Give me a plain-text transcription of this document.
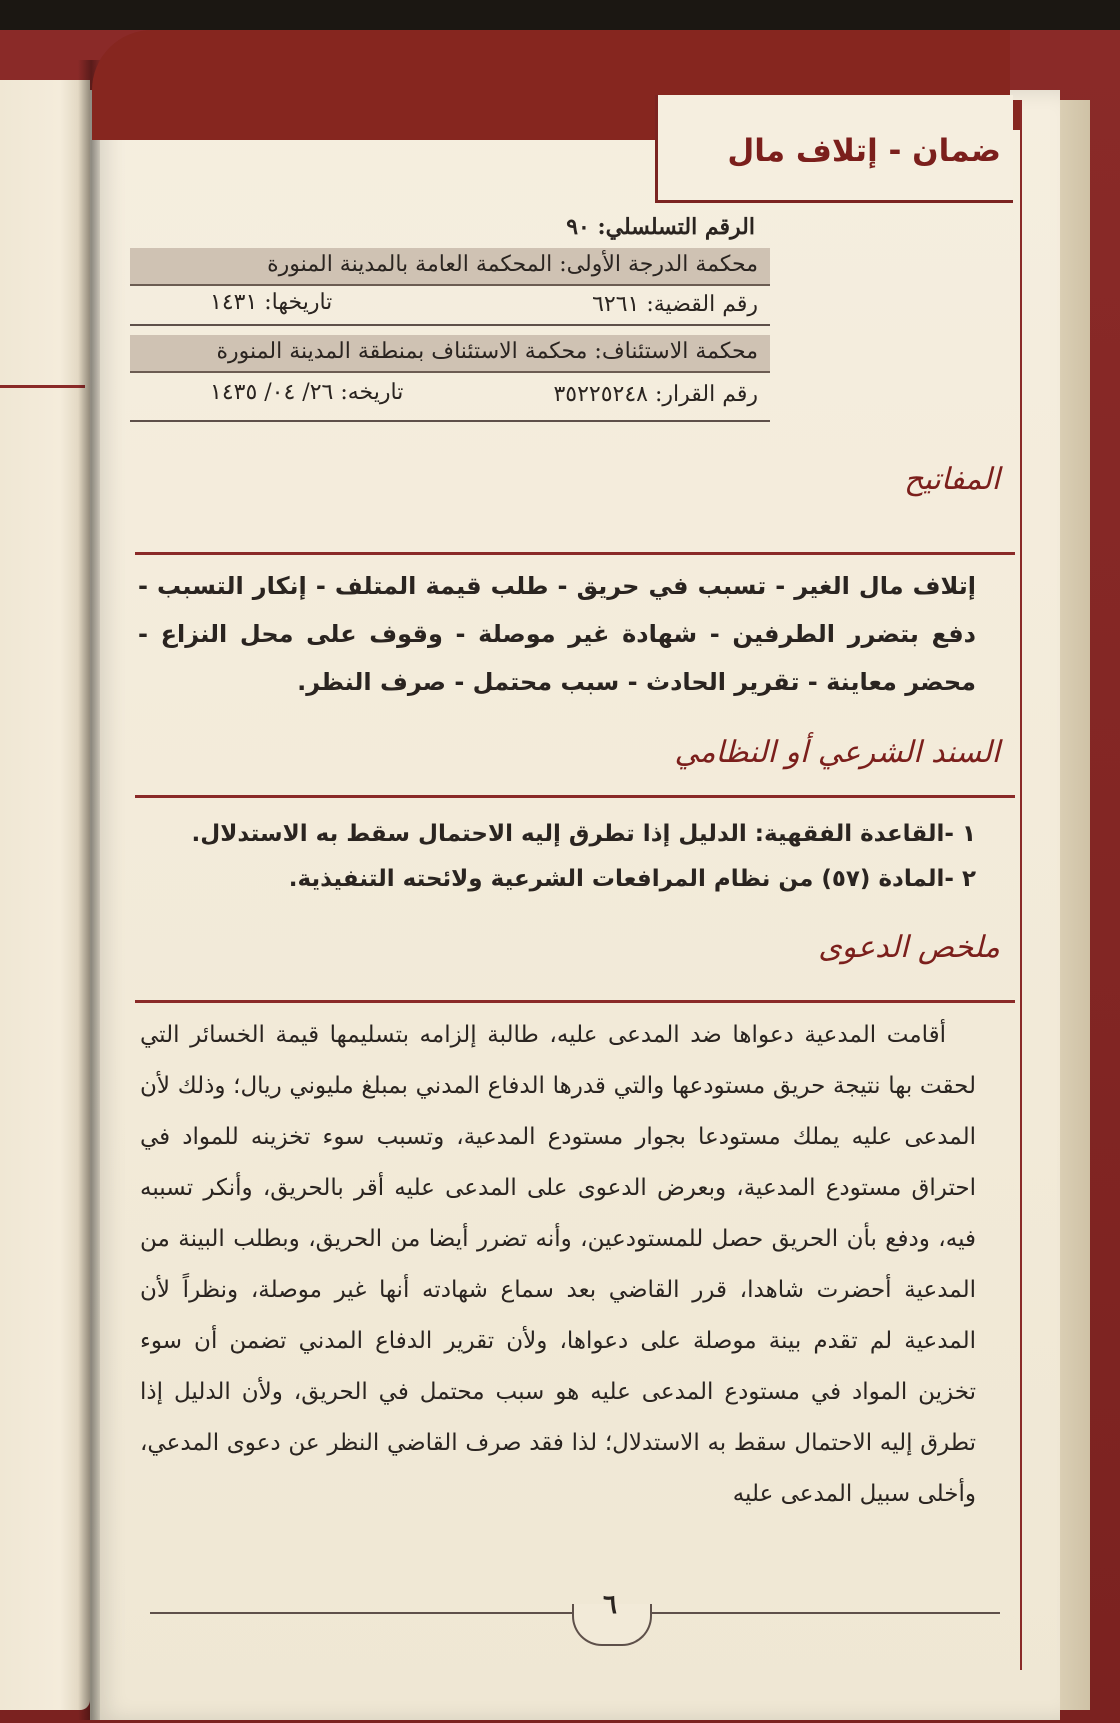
ضمان - إتلاف مال
الرقم التسلسلي: ٩٠
محكمة الدرجة الأولى: المحكمة العامة بالمدينة المنورة
رقم القضية: ٦٢٦١
تاريخها: ١٤٣١
محكمة الاستئناف: محكمة الاستئناف بمنطقة المدينة المنورة
رقم القرار: ٣٥٢٢٥٢٤٨
تاريخه: ٢٦/ ٠٤/ ١٤٣٥
المفاتيح
إتلاف مال الغير - تسبب في حريق - طلب قيمة المتلف - إنكار التسبب - دفع بتضرر الطرفين - شهادة غير موصلة - وقوف على محل النزاع - محضر معاينة - تقرير الحادث - سبب محتمل - صرف النظر.
السند الشرعي أو النظامي

١ -القاعدة الفقهية: الدليل إذا تطرق إليه الاحتمال سقط به الاستدلال.

٢ -المادة (٥٧) من نظام المرافعات الشرعية ولائحته التنفيذية.

ملخص الدعوى

أقامت المدعية دعواها ضد المدعى عليه، طالبة إلزامه بتسليمها قيمة الخسائر التي لحقت بها نتيجة حريق مستودعها والتي قدرها الدفاع المدني بمبلغ مليوني ريال؛ وذلك لأن المدعى عليه يملك مستودعا بجوار مستودع المدعية، وتسبب سوء تخزينه للمواد في احتراق مستودع المدعية، وبعرض الدعوى على المدعى عليه أقر بالحريق، وأنكر تسببه فيه، ودفع بأن الحريق حصل للمستودعين، وأنه تضرر أيضا من الحريق، وبطلب البينة من المدعية أحضرت شاهدا، قرر القاضي بعد سماع شهادته أنها غير موصلة، ونظراً لأن المدعية لم تقدم بينة موصلة على دعواها، ولأن تقرير الدفاع المدني تضمن أن سوء تخزين المواد في مستودع المدعى عليه هو سبب محتمل في الحريق، ولأن الدليل إذا تطرق إليه الاحتمال سقط به الاستدلال؛ لذا فقد صرف القاضي النظر عن دعوى المدعي، وأخلى سبيل المدعى عليه

٦
